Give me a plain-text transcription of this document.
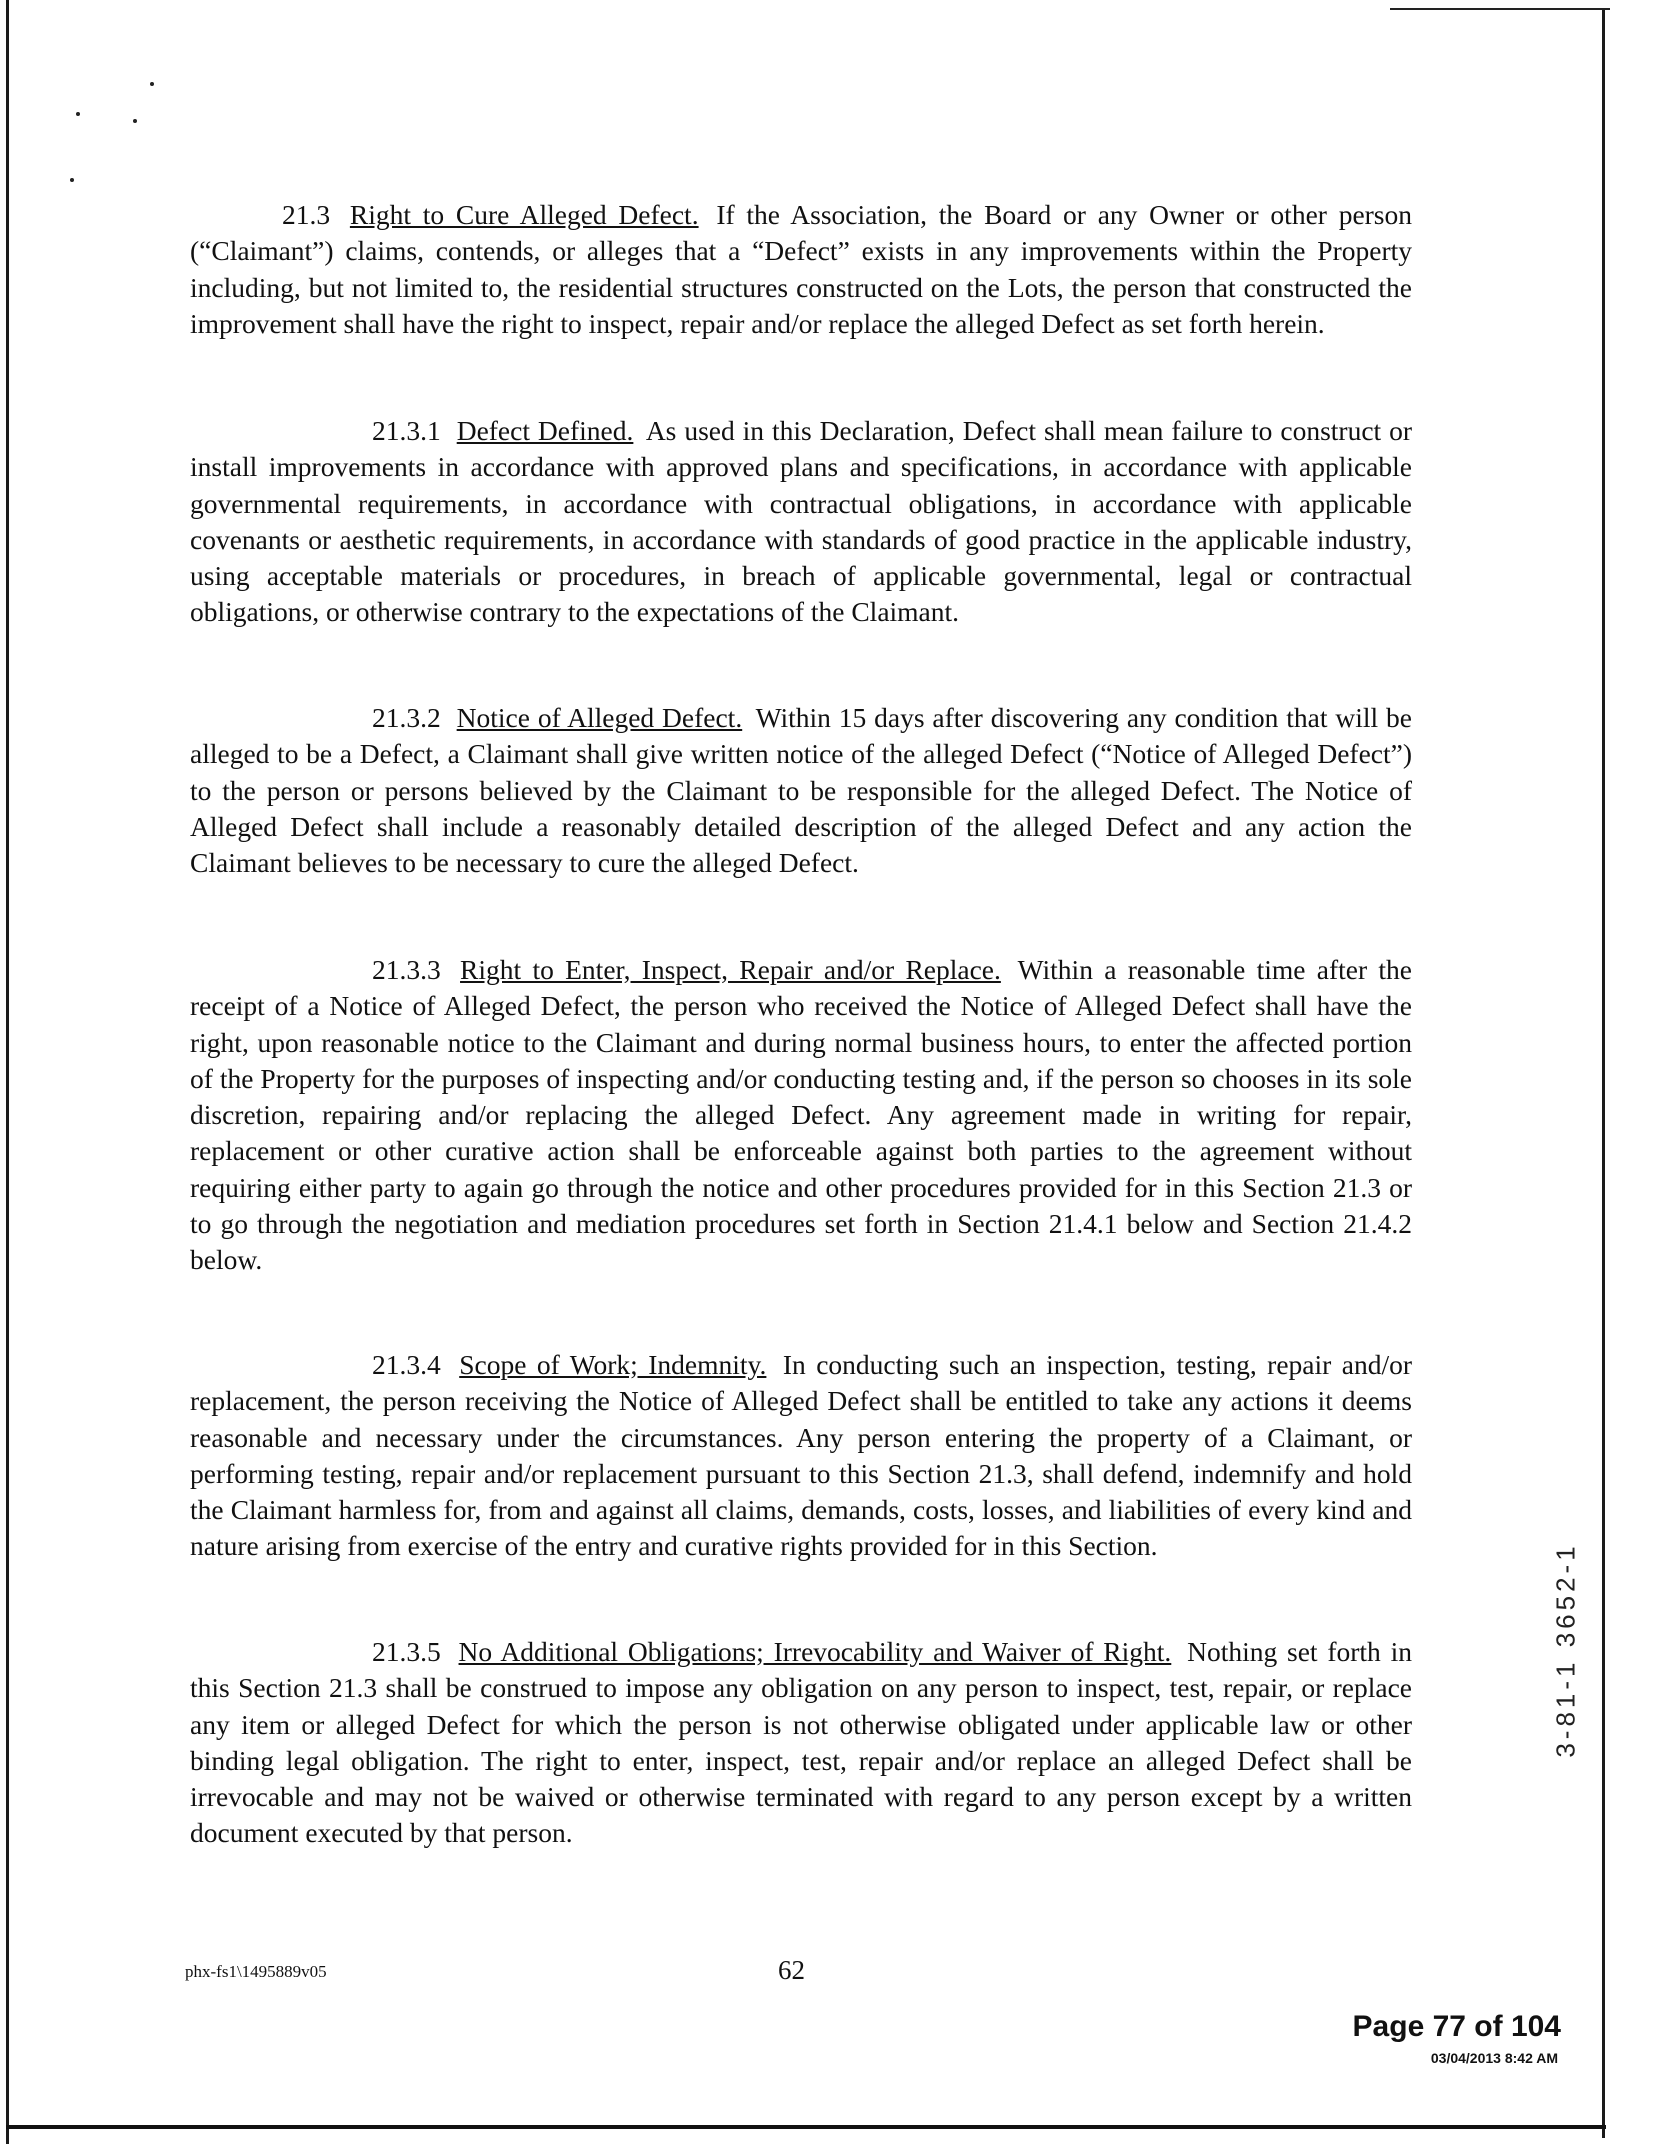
21.3 Right to Cure Alleged Defect. If the Association, the Board or any Owner or other person (“Claimant”) claims, contends, or alleges that a “Defect” exists in any improvements within the Property including, but not limited to, the residential structures constructed on the Lots, the person that constructed the improvement shall have the right to inspect, repair and/or replace the alleged Defect as set forth herein.

21.3.1 Defect Defined. As used in this Declaration, Defect shall mean failure to construct or install improvements in accordance with approved plans and specifications, in accordance with applicable governmental requirements, in accordance with contractual obligations, in accordance with applicable covenants or aesthetic requirements, in accordance with standards of good practice in the applicable industry, using acceptable materials or procedures, in breach of applicable governmental, legal or contractual obligations, or otherwise contrary to the expectations of the Claimant.

21.3.2 Notice of Alleged Defect. Within 15 days after discovering any condition that will be alleged to be a Defect, a Claimant shall give written notice of the alleged Defect (“Notice of Alleged Defect”) to the person or persons believed by the Claimant to be responsible for the alleged Defect. The Notice of Alleged Defect shall include a reasonably detailed description of the alleged Defect and any action the Claimant believes to be necessary to cure the alleged Defect.

21.3.3 Right to Enter, Inspect, Repair and/or Replace. Within a reasonable time after the receipt of a Notice of Alleged Defect, the person who received the Notice of Alleged Defect shall have the right, upon reasonable notice to the Claimant and during normal business hours, to enter the affected portion of the Property for the purposes of inspecting and/or conducting testing and, if the person so chooses in its sole discretion, repairing and/or replacing the alleged Defect. Any agreement made in writing for repair, replacement or other curative action shall be enforceable against both parties to the agreement without requiring either party to again go through the notice and other procedures provided for in this Section 21.3 or to go through the negotiation and mediation procedures set forth in Section 21.4.1 below and Section 21.4.2 below.

21.3.4 Scope of Work; Indemnity. In conducting such an inspection, testing, repair and/or replacement, the person receiving the Notice of Alleged Defect shall be entitled to take any actions it deems reasonable and necessary under the circumstances. Any person entering the property of a Claimant, or performing testing, repair and/or replacement pursuant to this Section 21.3, shall defend, indemnify and hold the Claimant harmless for, from and against all claims, demands, costs, losses, and liabilities of every kind and nature arising from exercise of the entry and curative rights provided for in this Section.

21.3.5 No Additional Obligations; Irrevocability and Waiver of Right. Nothing set forth in this Section 21.3 shall be construed to impose any obligation on any person to inspect, test, repair, or replace any item or alleged Defect for which the person is not otherwise obligated under applicable law or other binding legal obligation. The right to enter, inspect, test, repair and/or replace an alleged Defect shall be irrevocable and may not be waived or otherwise terminated with regard to any person except by a written document executed by that person.

3-81-1 3652-1
phx-fs1\1495889v05	62
Page 77 of 104
03/04/2013 8:42 AM
